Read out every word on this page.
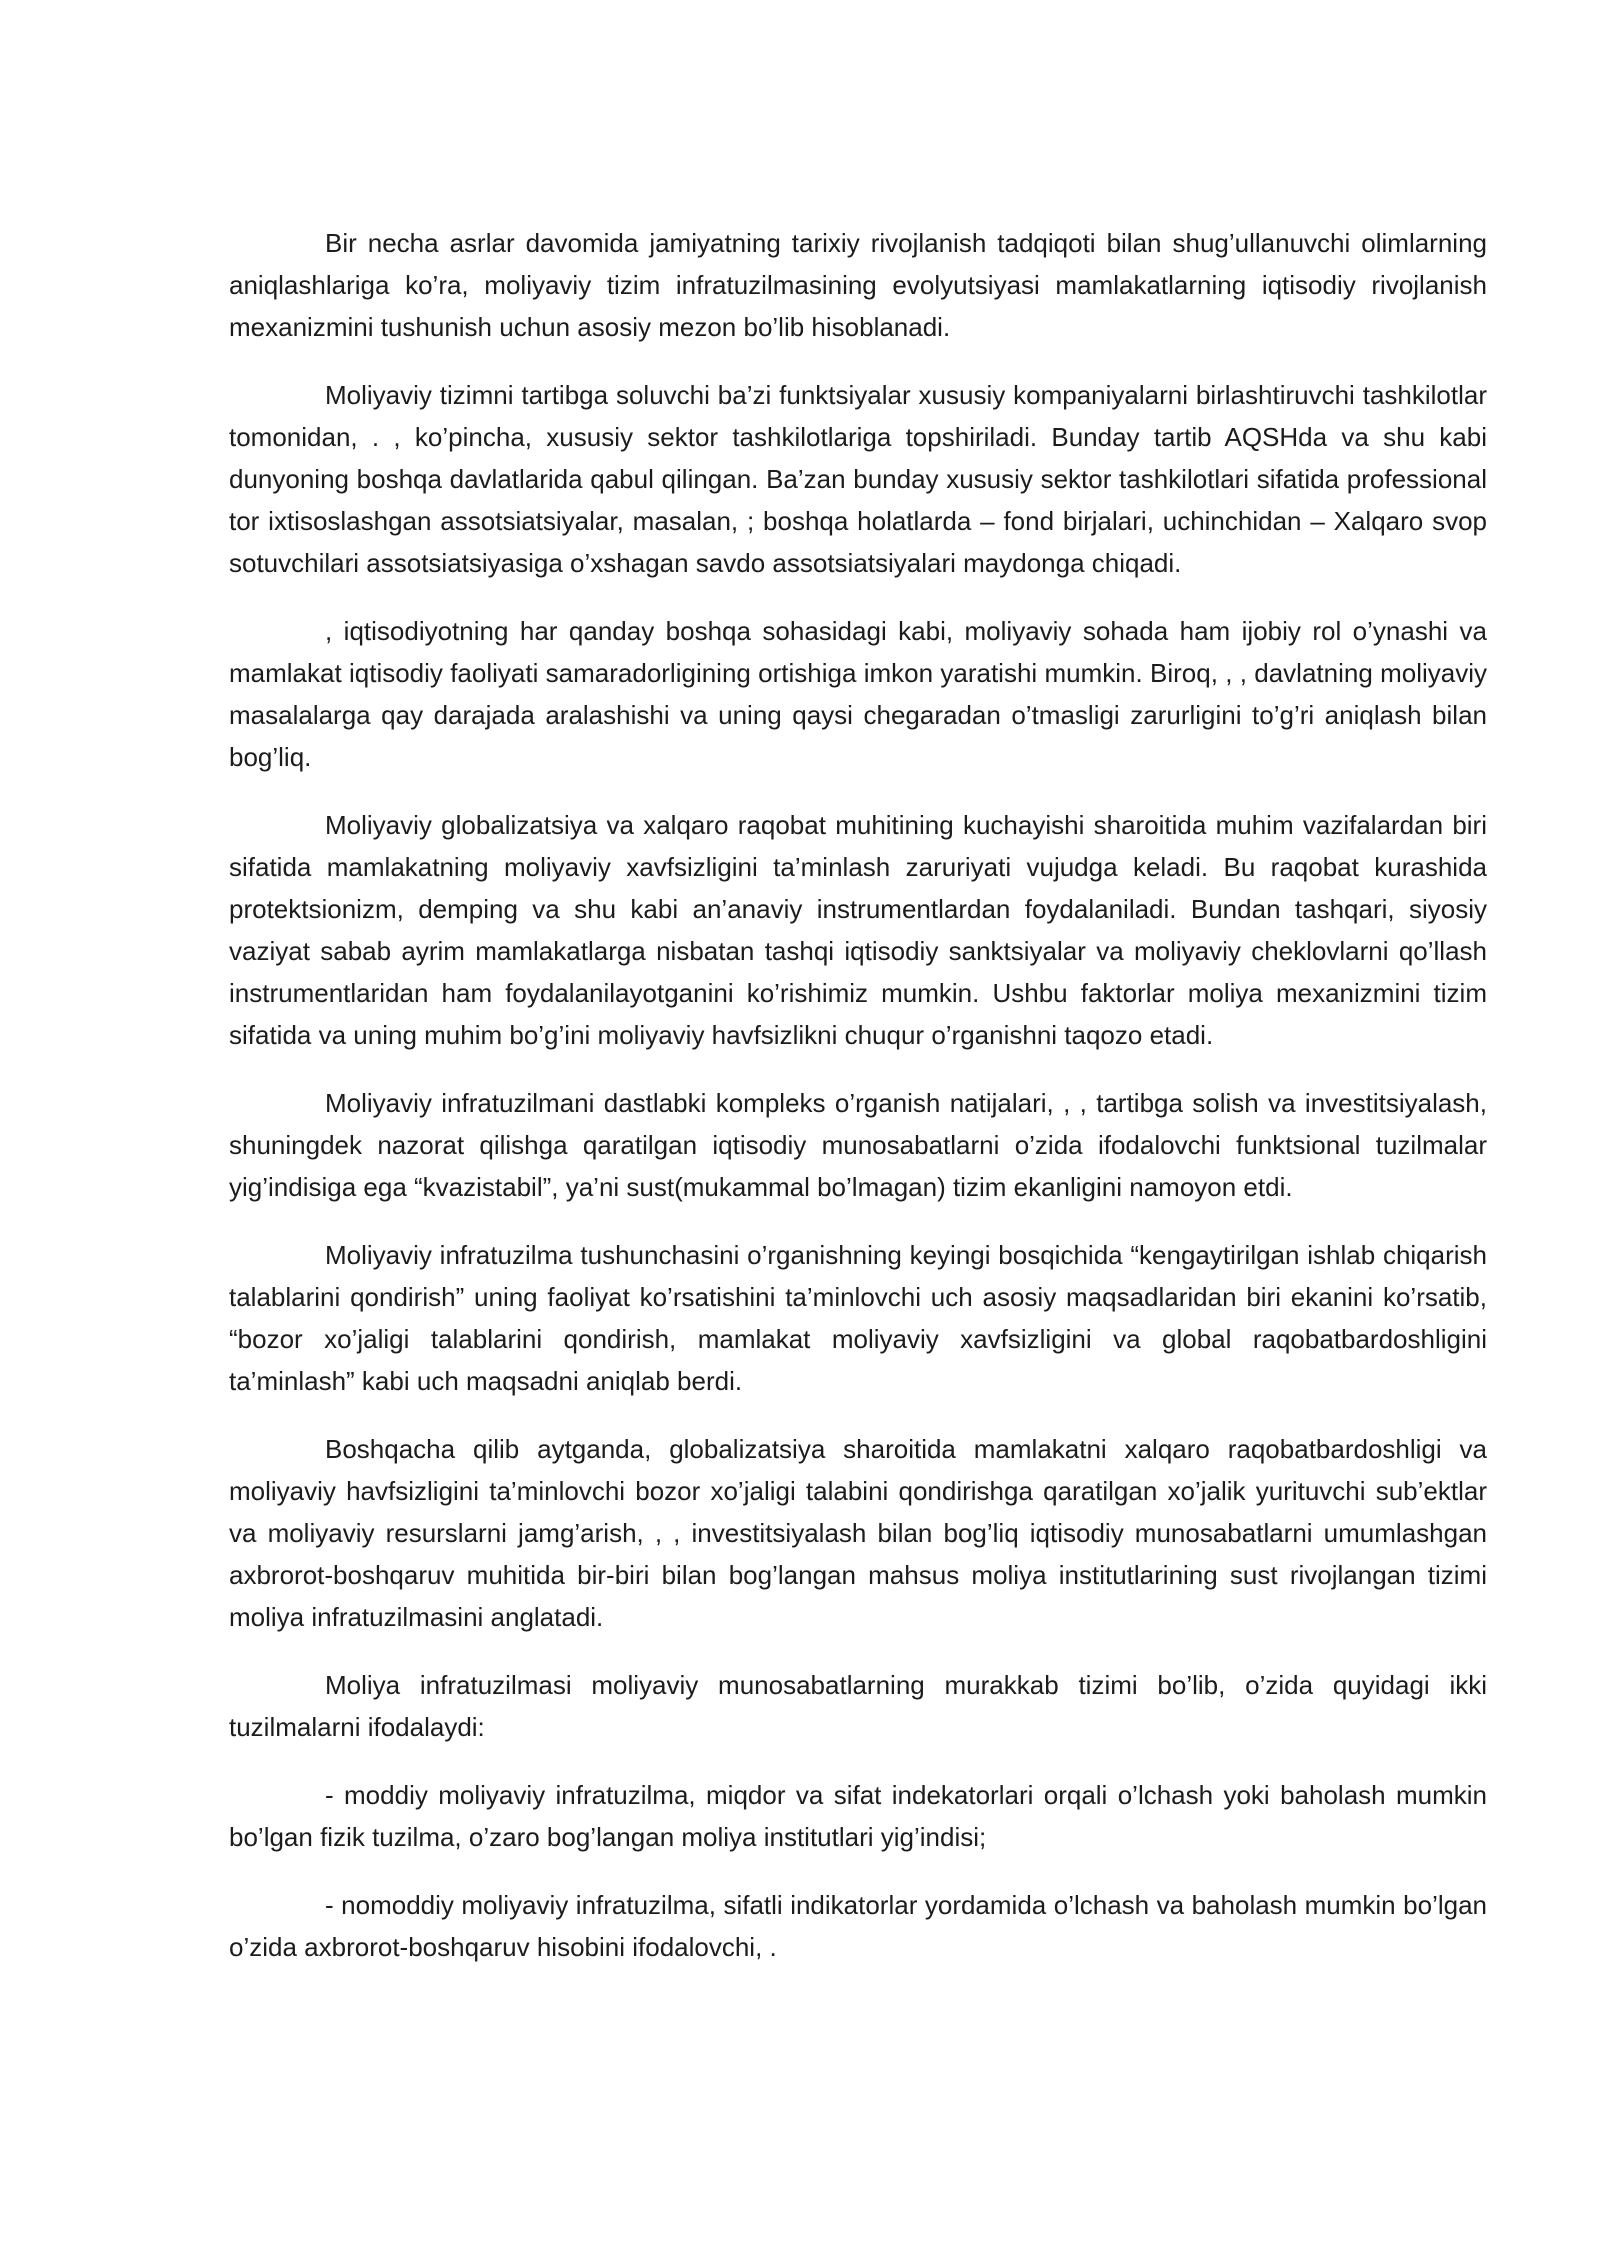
Bir necha asrlar davomida jamiyatning tarixiy rivojlanish tadqiqoti bilan shug’ullanuvchi olimlarning aniqlashlariga ko’ra, moliyaviy tizim infratuzilmasining evolyutsiyasi mamlakatlarning iqtisodiy rivojlanish mexanizmini tushunish uchun asosiy mezon bo’lib hisoblanadi.

Moliyaviy tizimni tartibga soluvchi ba’zi funktsiyalar xususiy kompaniyalarni birlashtiruvchi tashkilotlar tomonidan, . , ko’pincha, xususiy sektor tashkilotlariga topshiriladi. Bunday tartib AQSHda va shu kabi dunyoning boshqa davlatlarida qabul qilingan. Ba’zan bunday xususiy sektor tashkilotlari sifatida professional tor ixtisoslashgan assotsiatsiyalar, masalan, ; boshqa holatlarda – fond birjalari, uchinchidan – Xalqaro svop sotuvchilari assotsiatsiyasiga o’xshagan savdo assotsiatsiyalari maydonga chiqadi.

, iqtisodiyotning har qanday boshqa sohasidagi kabi, moliyaviy sohada ham ijobiy rol o’ynashi va mamlakat iqtisodiy faoliyati samaradorligining ortishiga imkon yaratishi mumkin. Biroq, , , davlatning moliyaviy masalalarga qay darajada aralashishi va uning qaysi chegaradan o’tmasligi zarurligini to’g’ri aniqlash bilan bog’liq.

Moliyaviy globalizatsiya va xalqaro raqobat muhitining kuchayishi sharoitida muhim vazifalardan biri sifatida mamlakatning moliyaviy xavfsizligini ta’minlash zaruriyati vujudga keladi. Bu raqobat kurashida protektsionizm, demping va shu kabi an’anaviy instrumentlardan foydalaniladi. Bundan tashqari, siyosiy vaziyat sabab ayrim mamlakatlarga nisbatan tashqi iqtisodiy sanktsiyalar va moliyaviy cheklovlarni qo’llash instrumentlaridan ham foydalanilayotganini ko’rishimiz mumkin. Ushbu faktorlar moliya mexanizmini tizim sifatida va uning muhim bo’g’ini moliyaviy havfsizlikni chuqur o’rganishni taqozo etadi.

Moliyaviy infratuzilmani dastlabki kompleks o’rganish natijalari, , , tartibga solish va investitsiyalash, shuningdek nazorat qilishga qaratilgan iqtisodiy munosabatlarni o’zida ifodalovchi funktsional tuzilmalar yig’indisiga ega “kvazistabil”, ya’ni sust(mukammal bo’lmagan) tizim ekanligini namoyon etdi.

Moliyaviy infratuzilma tushunchasini o’rganishning keyingi bosqichida “kengaytirilgan ishlab chiqarish talablarini qondirish” uning faoliyat ko’rsatishini ta’minlovchi uch asosiy maqsadlaridan biri ekanini ko’rsatib, “bozor xo’jaligi talablarini qondirish, mamlakat moliyaviy xavfsizligini va global raqobatbardoshligini ta’minlash” kabi uch maqsadni aniqlab berdi.

Boshqacha qilib aytganda, globalizatsiya sharoitida mamlakatni xalqaro raqobatbardoshligi va moliyaviy havfsizligini ta’minlovchi bozor xo’jaligi talabini qondirishga qaratilgan xo’jalik yurituvchi sub’ektlar va moliyaviy resurslarni jamg’arish, , , investitsiyalash bilan bog’liq iqtisodiy munosabatlarni umumlashgan axbrorot-boshqaruv muhitida bir-biri bilan bog’langan mahsus moliya institutlarining sust rivojlangan tizimi moliya infratuzilmasini anglatadi.

Moliya infratuzilmasi moliyaviy munosabatlarning murakkab tizimi bo’lib, o’zida quyidagi ikki tuzilmalarni ifodalaydi:

- moddiy moliyaviy infratuzilma, miqdor va sifat indekatorlari orqali o’lchash yoki baholash mumkin bo’lgan fizik tuzilma, o’zaro bog’langan moliya institutlari yig’indisi;

- nomoddiy moliyaviy infratuzilma, sifatli indikatorlar yordamida o’lchash va baholash mumkin bo’lgan o’zida axbrorot-boshqaruv hisobini ifodalovchi, .
